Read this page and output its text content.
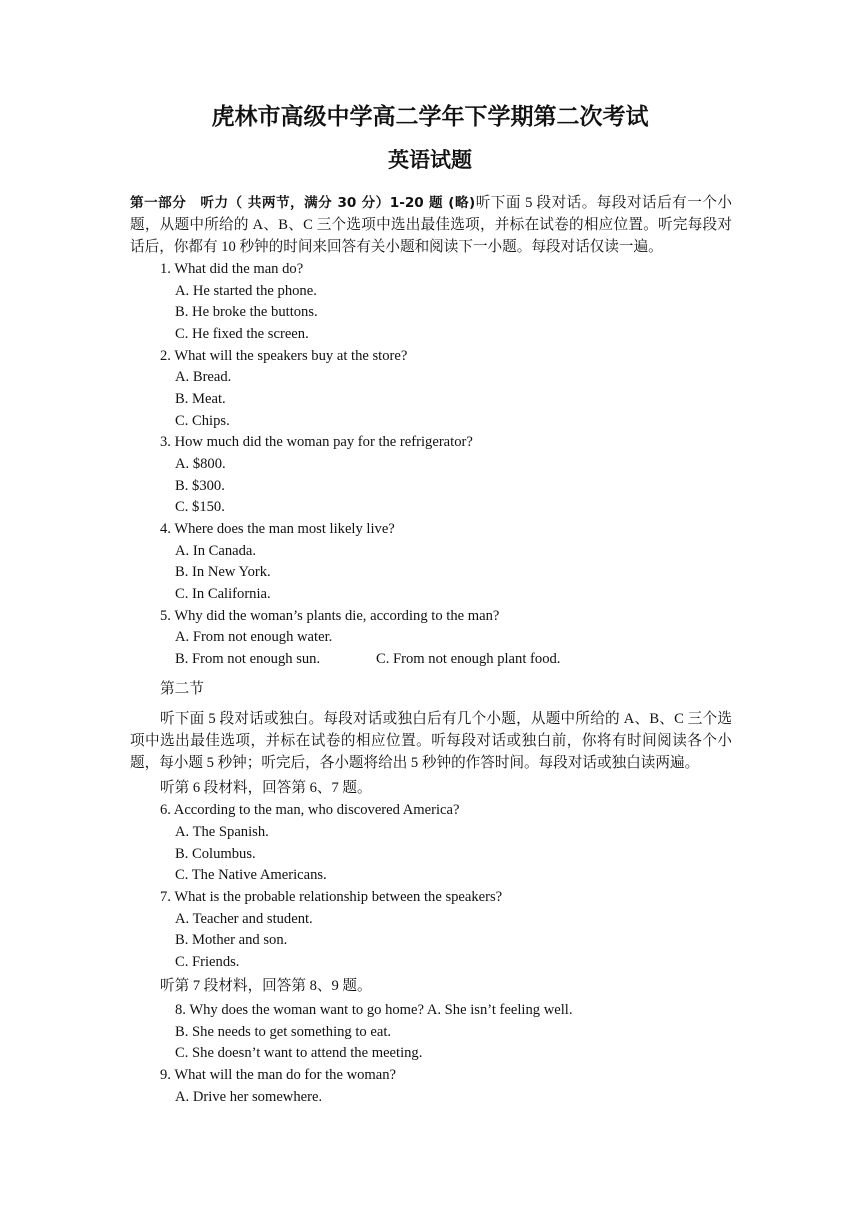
虎林市高级中学高二学年下学期第二次考试
英语试题
第一部分　听力（ 共两节，满分 30 分）1-20 题 (略)听下面 5 段对话。每段对话后有一个小题，从题中所给的 A、B、C 三个选项中选出最佳选项，并标在试卷的相应位置。听完每段对话后，你都有 10 秒钟的时间来回答有关小题和阅读下一小题。每段对话仅读一遍。
1. What did the man do?
A. He started the phone.
B. He broke the buttons.
C. He fixed the screen.
2. What will the speakers buy at the store?
A. Bread.
B. Meat.
C. Chips.
3. How much did the woman pay for the refrigerator?
A. $800.
B. $300.
C. $150.
4. Where does the man most likely live?
A. In Canada.
B. In New York.
C. In California.
5. Why did the woman’s plants die, according to the man?
A. From not enough water.
B. From not enough sun.	C. From not enough plant food.
第二节
听下面 5 段对话或独白。每段对话或独白后有几个小题，从题中所给的 A、B、C 三个选项中选出最佳选项，并标在试卷的相应位置。听每段对话或独白前，你将有时间阅读各个小题，每小题 5 秒钟；听完后，各小题将给出 5 秒钟的作答时间。每段对话或独白读两遍。
听第 6 段材料，回答第 6、7 题。
6. According to the man, who discovered America?
A. The Spanish.
B. Columbus.
C. The Native Americans.
7. What is the probable relationship between the speakers?
A. Teacher and student.
B. Mother and son.
C. Friends.
听第 7 段材料，回答第 8、9 题。
8. Why does the woman want to go home? A. She isn’t feeling well.
B. She needs to get something to eat.
C. She doesn’t want to attend the meeting.
9. What will the man do for the woman?
A. Drive her somewhere.
